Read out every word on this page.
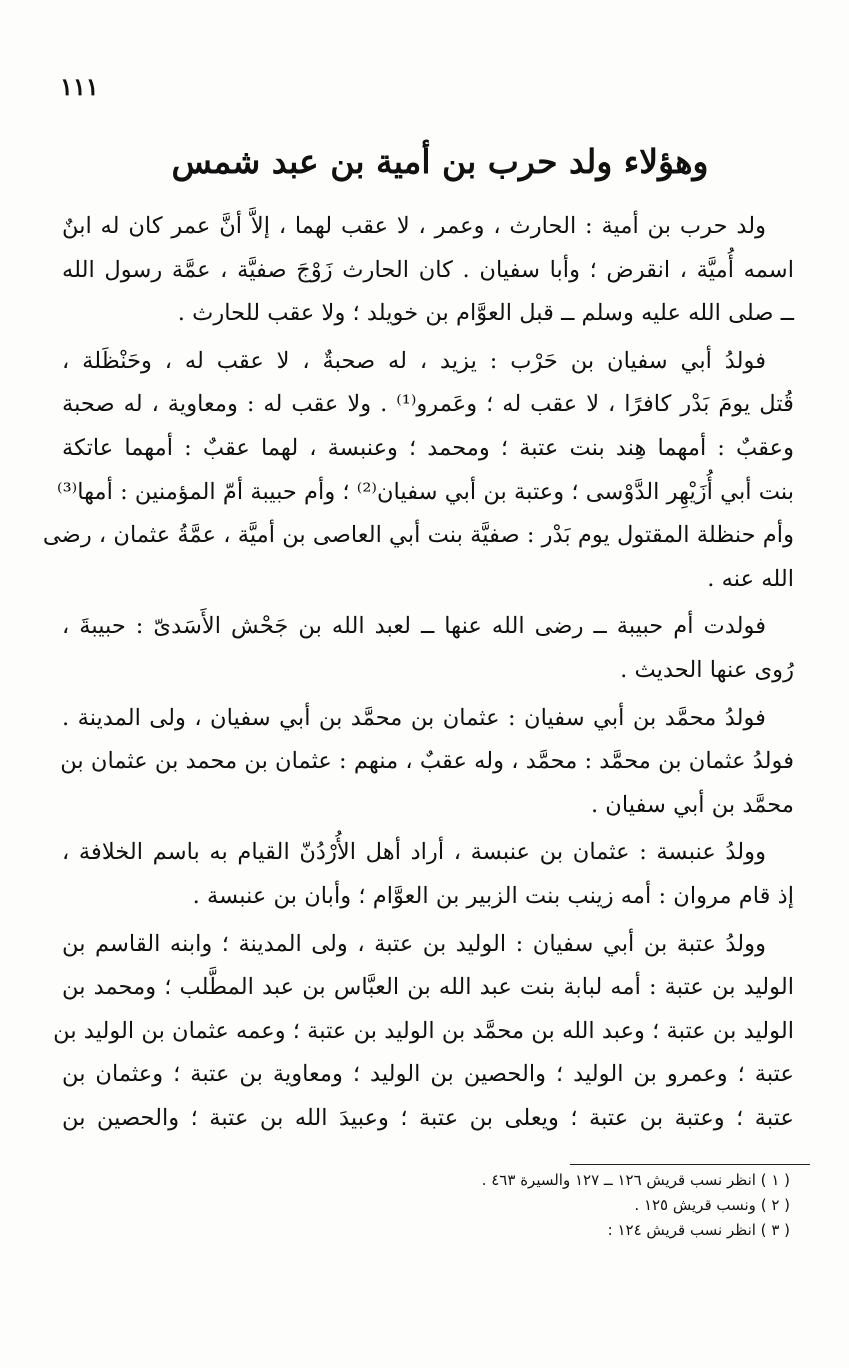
١١١
وهؤلاء ولد حرب بن أمية بن عبد شمس

ولد حرب بن أمية : الحارث ، وعمر ، لا عقب لهما ، إلاَّ أنَّ عمر كان له ابنٌ
اسمه أُميَّة ، انقرض ؛ وأبا سفيان . كان الحارث زَوْجَ صفيَّة ، عمَّة رسول الله
ــ صلى الله عليه وسلم ــ قبل العوَّام بن خويلد ؛ ولا عقب للحارث .

فولدُ أبي سفيان بن حَرْب : يزيد ، له صحبةٌ ، لا عقب له ، وحَنْظَلة ،
قُتل يومَ بَدْر كافرًا ، لا عقب له ؛ وعَمرو⁽¹⁾ . ولا عقب له : ومعاوية ، له صحبة
وعقبٌ : أمهما هِند بنت عتبة ؛ ومحمد ؛ وعنبسة ، لهما عقبٌ : أمهما عاتكة
بنت أبي أُزَيْهِر الدَّوْسى ؛ وعتبة بن أبي سفيان⁽²⁾ ؛ وأم حبيبة أمّ المؤمنين : أمها⁽³⁾
وأم حنظلة المقتول يوم بَدْر : صفيَّة بنت أبي العاصى بن أميَّة ، عمَّةُ عثمان ، رضى
الله عنه .

فولدت أم حبيبة ــ رضى الله عنها ــ لعبد الله بن جَحْش الأَسَدىّ : حبيبةَ ،
رُوى عنها الحديث .

فولدُ محمَّد بن أبي سفيان : عثمان بن محمَّد بن أبي سفيان ، ولى المدينة .
فولدُ عثمان بن محمَّد : محمَّد ، وله عقبٌ ، منهم : عثمان بن محمد بن عثمان بن
محمَّد بن أبي سفيان .

وولدُ عنبسة : عثمان بن عنبسة ، أراد أهل الأُرْدُنّ القيام به باسم الخلافة ،
إذ قام مروان : أمه زينب بنت الزبير بن العوَّام ؛ وأبان بن عنبسة .

وولدُ عتبة بن أبي سفيان : الوليد بن عتبة ، ولى المدينة ؛ وابنه القاسم بن
الوليد بن عتبة : أمه لبابة بنت عبد الله بن العبَّاس بن عبد المطَّلب ؛ ومحمد بن
الوليد بن عتبة ؛ وعبد الله بن محمَّد بن الوليد بن عتبة ؛ وعمه عثمان بن الوليد بن
عتبة ؛ وعمرو بن الوليد ؛ والحصين بن الوليد ؛ ومعاوية بن عتبة ؛ وعثمان بن
عتبة ؛ وعتبة بن عتبة ؛ ويعلى بن عتبة ؛ وعبيدَ الله بن عتبة ؛ والحصين بن

( ١ ) انظر نسب قريش ١٢٦ ــ ١٢٧ والسيرة ٤٦٣ .
( ٢ ) ونسب قريش ١٢٥ .
( ٣ ) انظر نسب قريش ١٢٤ :
